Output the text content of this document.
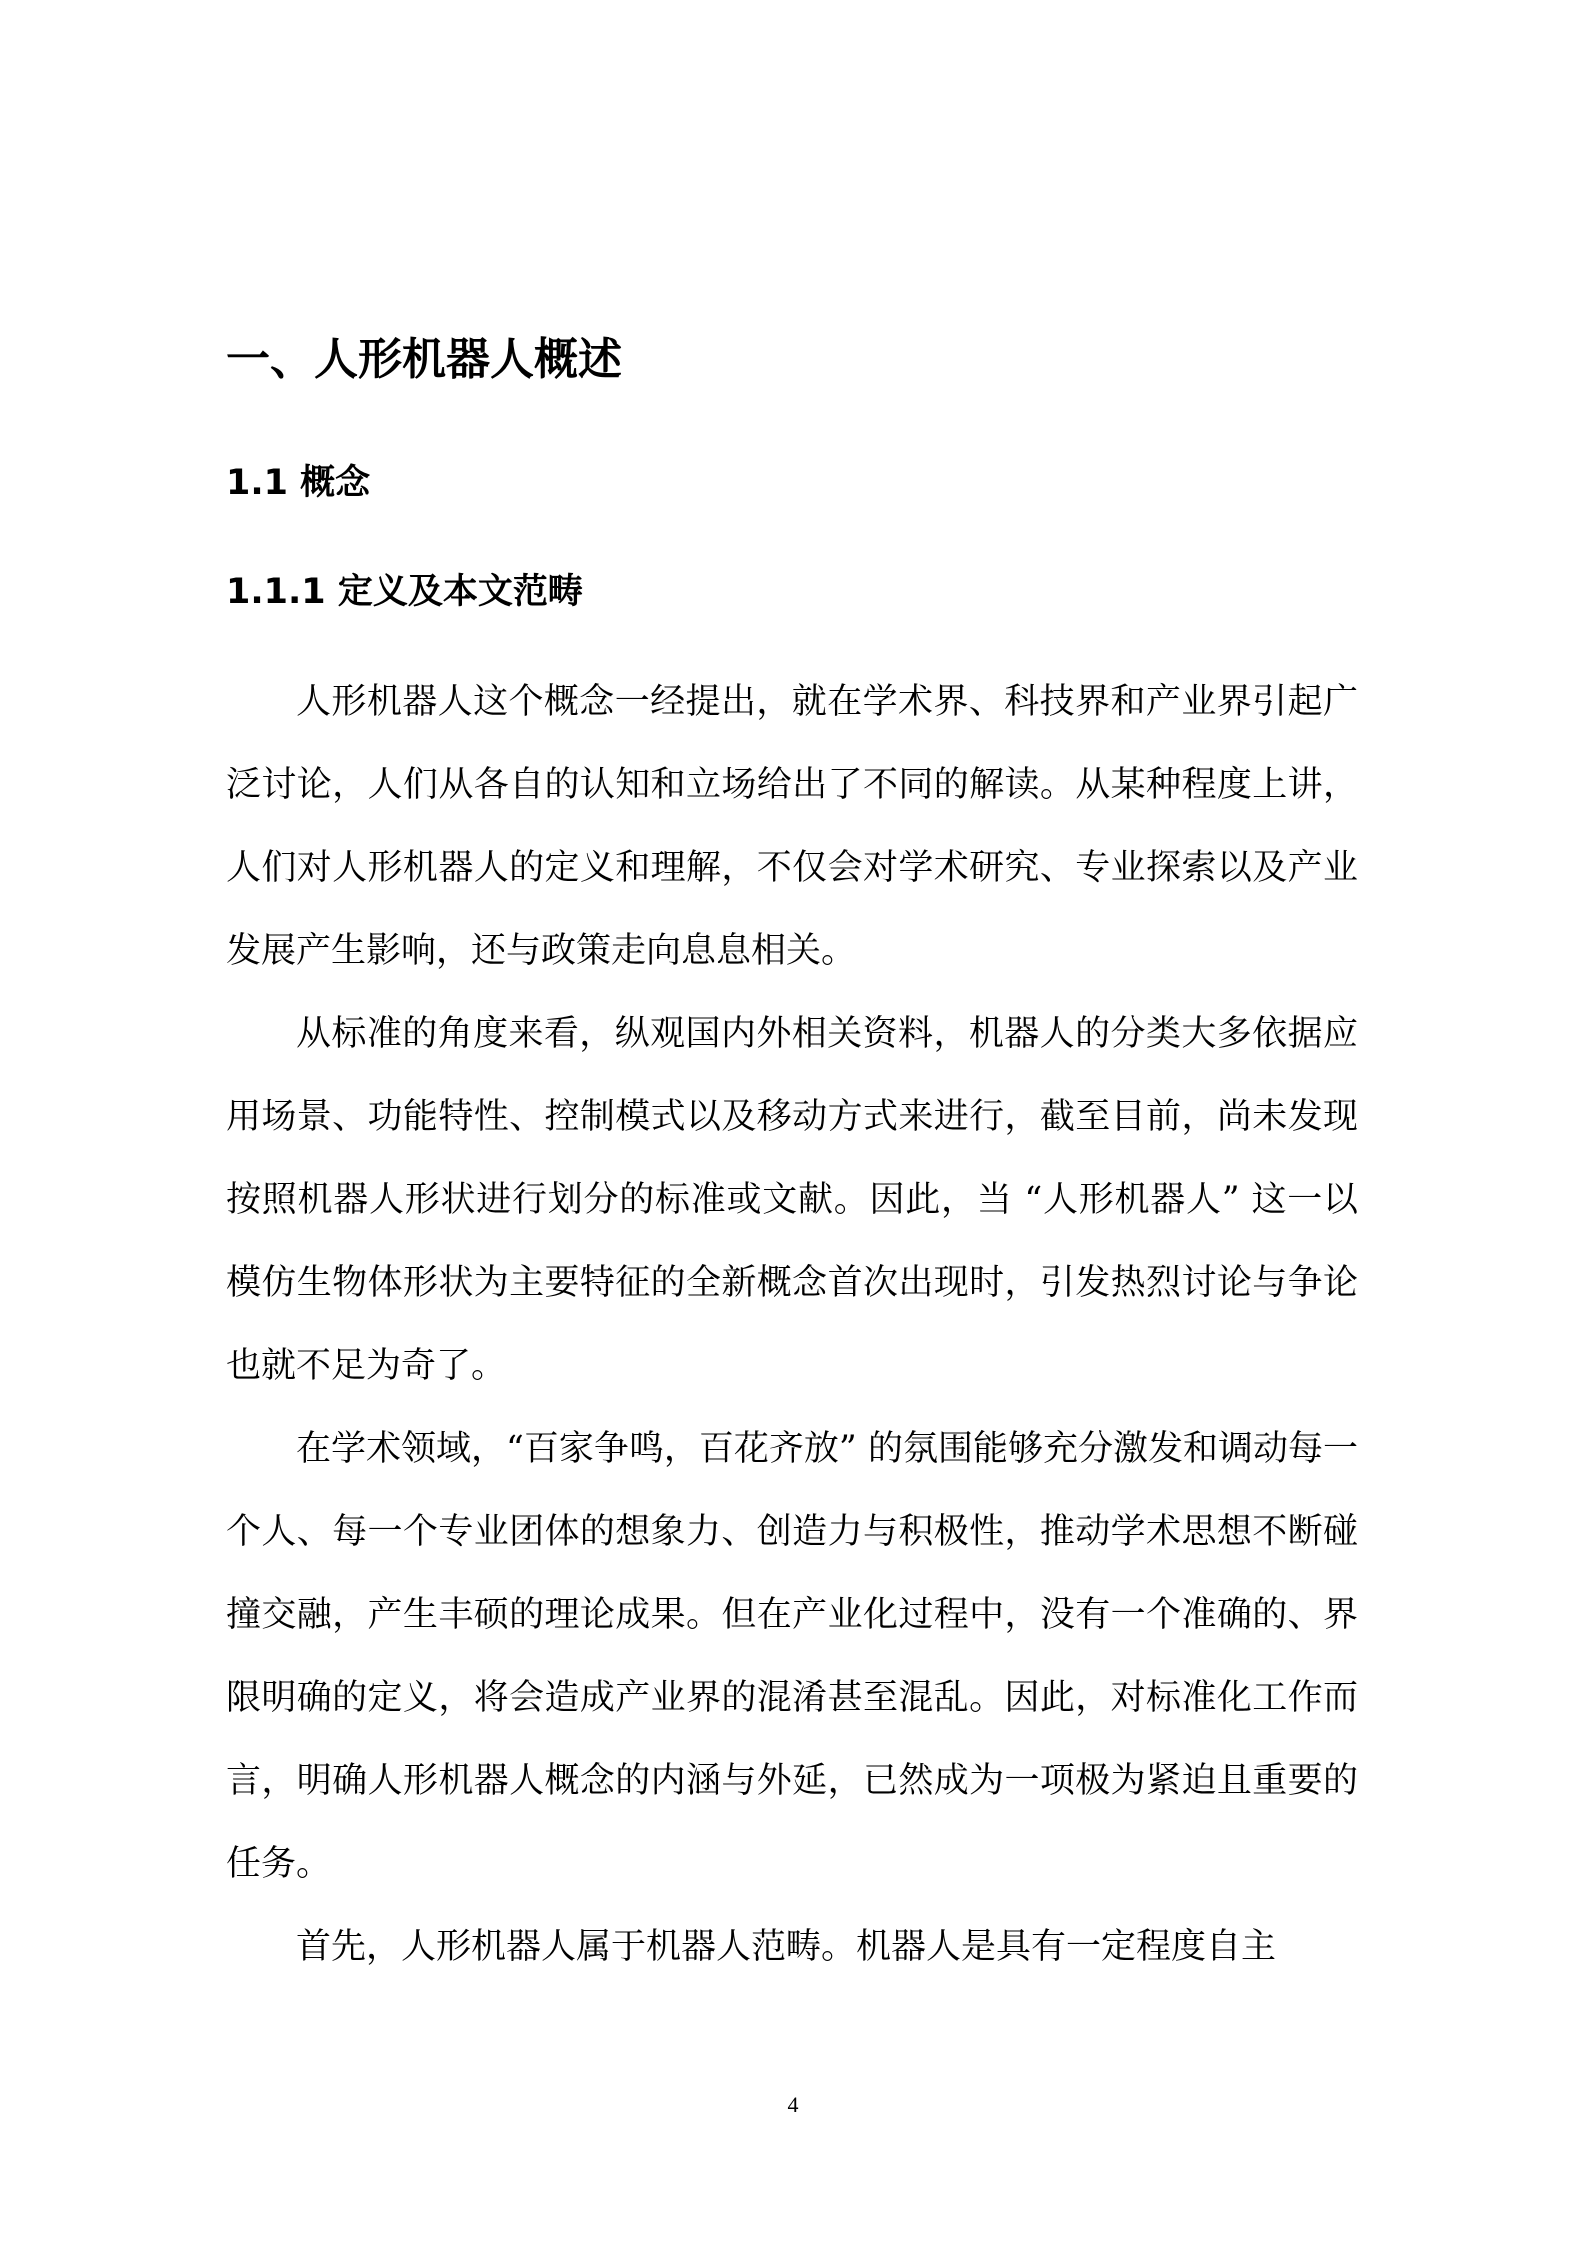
一、人形机器人概述
1.1 概念
1.1.1 定义及本文范畴

人形机器人这个概念一经提出，就在学术界、科技界和产业界引起广泛讨论，人们从各自的认知和立场给出了不同的解读。从某种程度上讲，人们对人形机器人的定义和理解，不仅会对学术研究、专业探索以及产业发展产生影响，还与政策走向息息相关。

从标准的角度来看，纵观国内外相关资料，机器人的分类大多依据应用场景、功能特性、控制模式以及移动方式来进行，截至目前，尚未发现按照机器人形状进行划分的标准或文献。因此，当 “人形机器人” 这一以模仿生物体形状为主要特征的全新概念首次出现时，引发热烈讨论与争论也就不足为奇了。

在学术领域，“百家争鸣，百花齐放” 的氛围能够充分激发和调动每一个人、每一个专业团体的想象力、创造力与积极性，推动学术思想不断碰撞交融，产生丰硕的理论成果。但在产业化过程中，没有一个准确的、界限明确的定义，将会造成产业界的混淆甚至混乱。因此，对标准化工作而言，明确人形机器人概念的内涵与外延，已然成为一项极为紧迫且重要的任务。

首先，人形机器人属于机器人范畴。机器人是具有一定程度自主

4
